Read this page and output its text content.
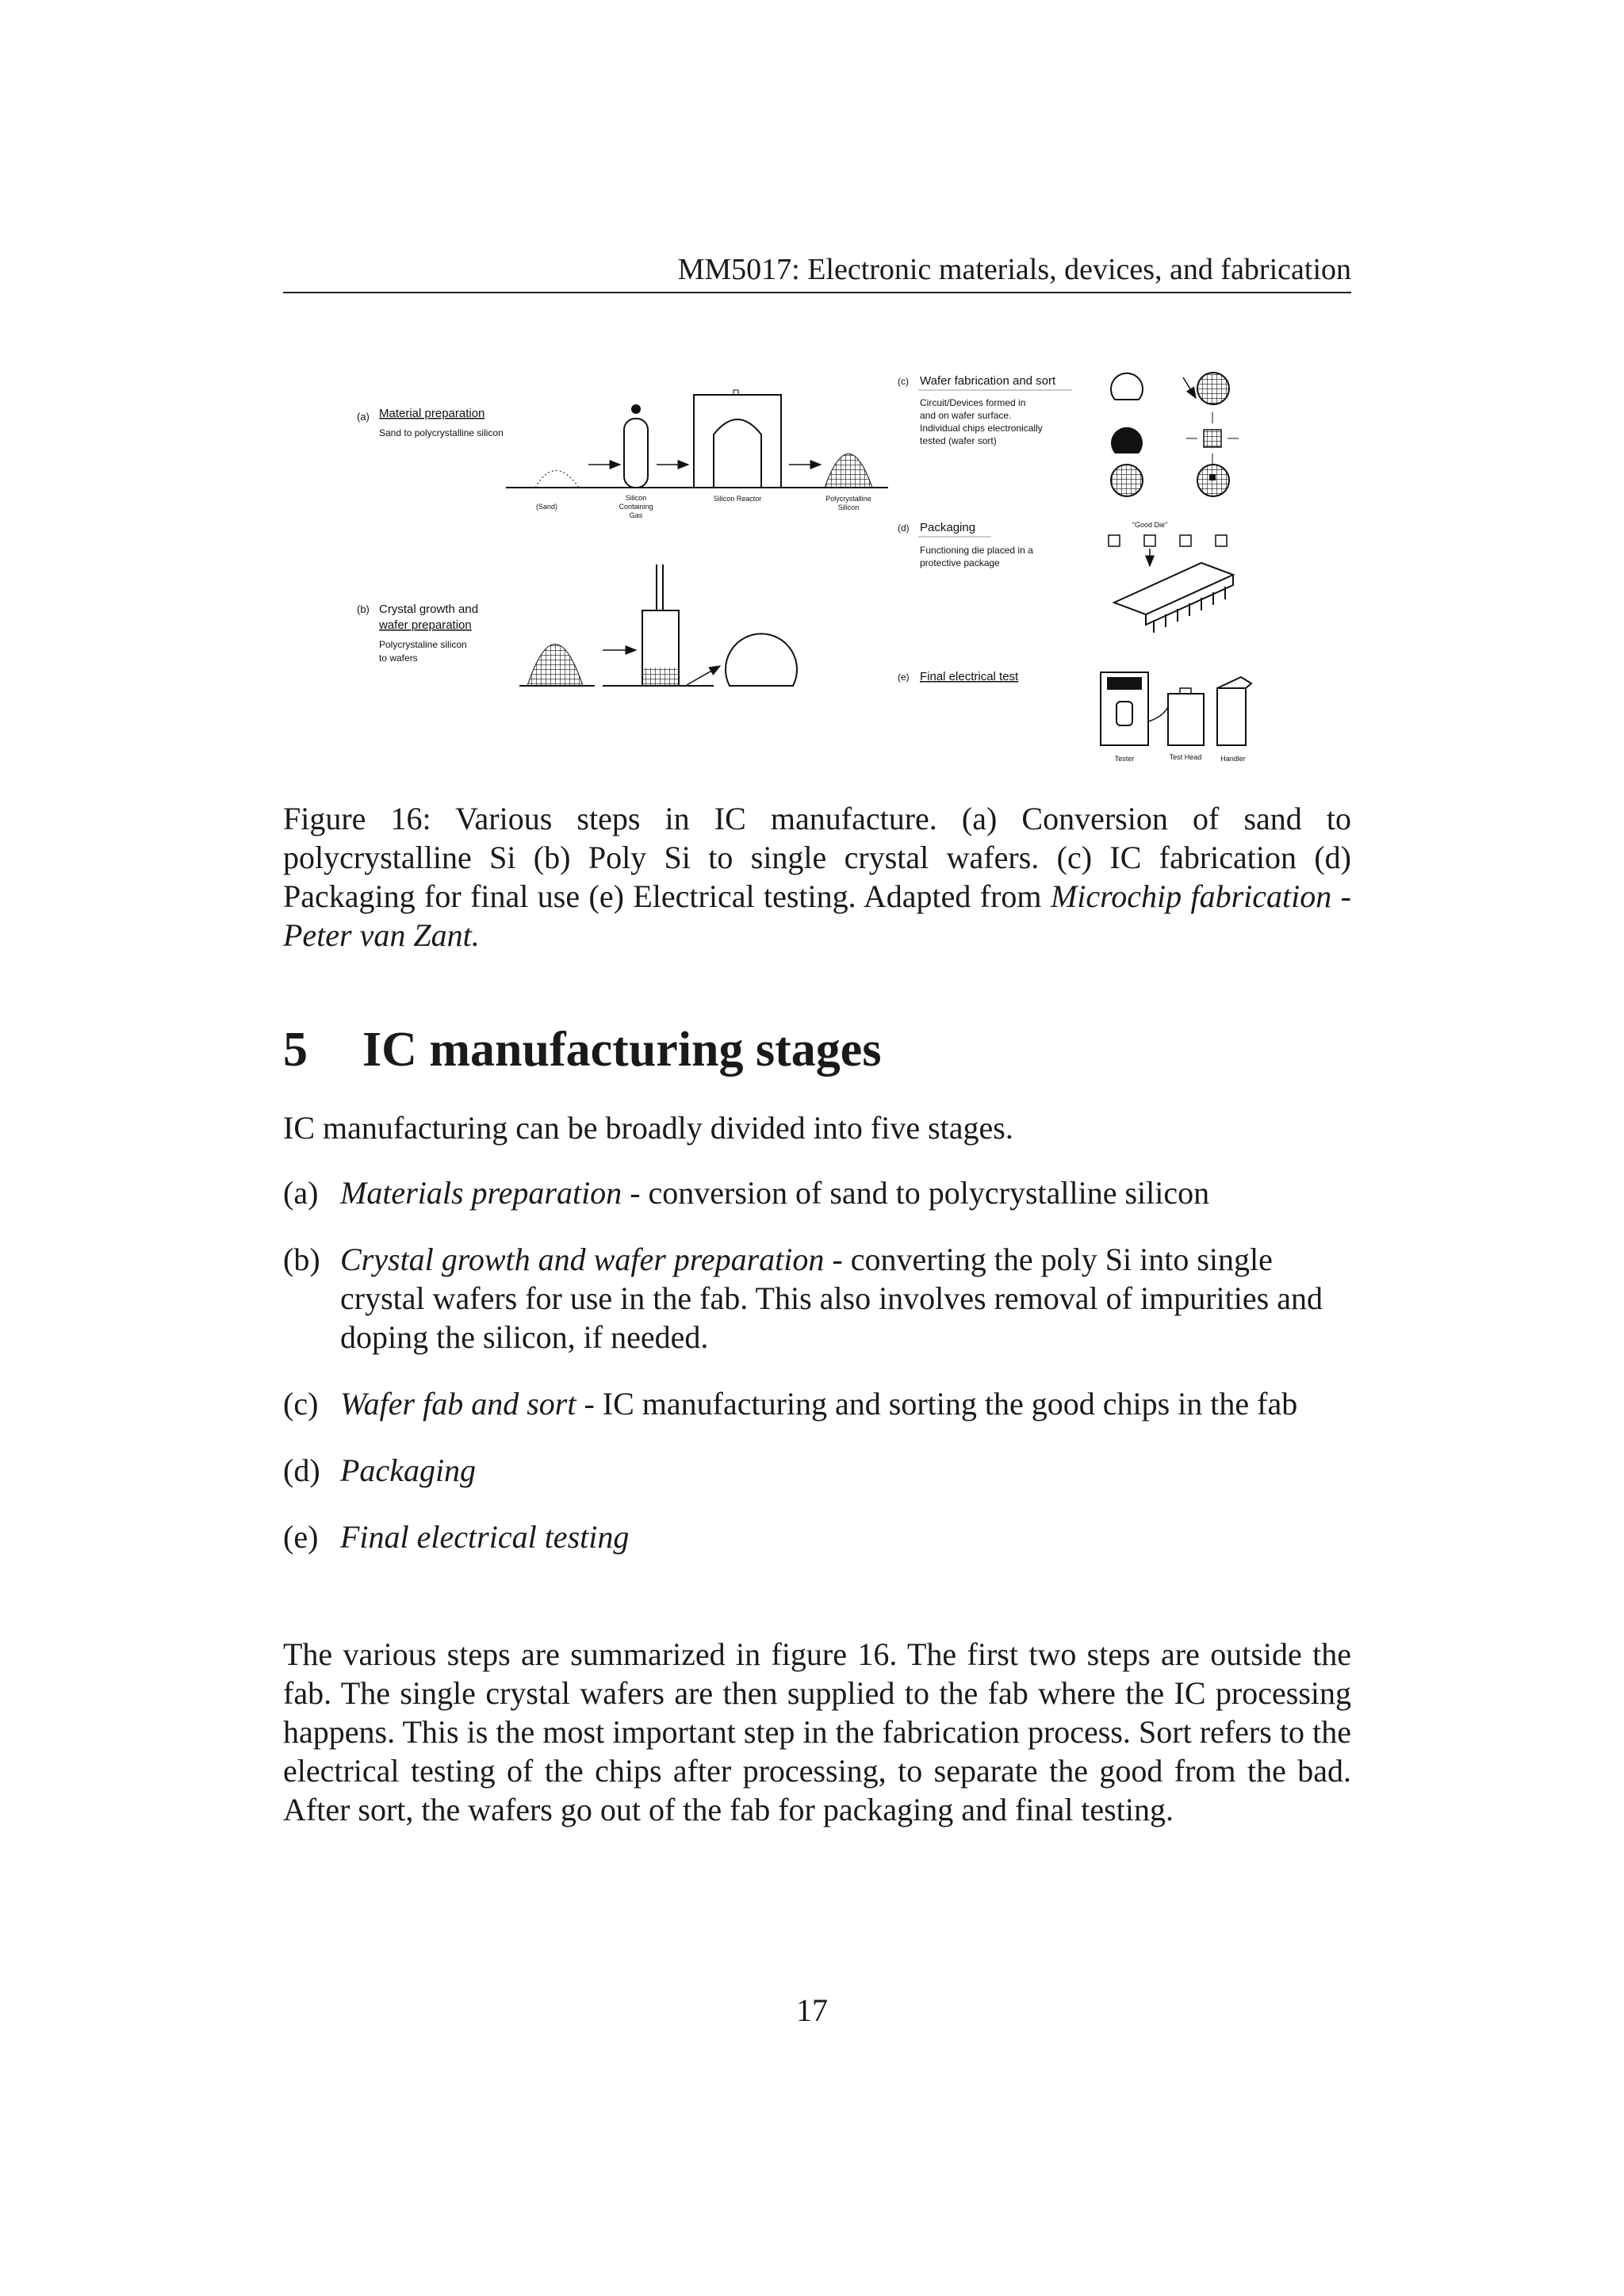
MM5017: Electronic materials, devices, and fabrication
(a) Material preparation
Sand to polycrystalline silicon
(Sand)
Silicon
Containing
Gas
Silicon Reactor	Polycrystalline
Silicon
(b) Crystal growth and
wafer preparation
Polycrystaline silicon
to wafers
(c) Wafer fabrication and sort
Circuit/Devices formed in
and on wafer surface.
Individual chips electronically
tested (wafer sort)
(d) Packaging
Functioning die placed in a
protective package
"Good Die"
(e) Final electrical test
Tester	Test Head	Handler

Figure 16: Various steps in IC manufacture. (a) Conversion of sand to polycrystalline Si (b) Poly Si to single crystal wafers. (c) IC fabrication (d) Packaging for final use (e) Electrical testing. Adapted from Microchip fabrication - Peter van Zant.

5 IC manufacturing stages

IC manufacturing can be broadly divided into five stages.

(a) Materials preparation - conversion of sand to polycrystalline silicon
(b) Crystal growth and wafer preparation - converting the poly Si into single crystal wafers for use in the fab. This also involves removal of impurities and doping the silicon, if needed.
(c) Wafer fab and sort - IC manufacturing and sorting the good chips in the fab
(d) Packaging
(e) Final electrical testing

The various steps are summarized in figure 16. The first two steps are outside the fab. The single crystal wafers are then supplied to the fab where the IC processing happens. This is the most important step in the fabrication process. Sort refers to the electrical testing of the chips after processing, to separate the good from the bad. After sort, the wafers go out of the fab for packaging and final testing.

17
